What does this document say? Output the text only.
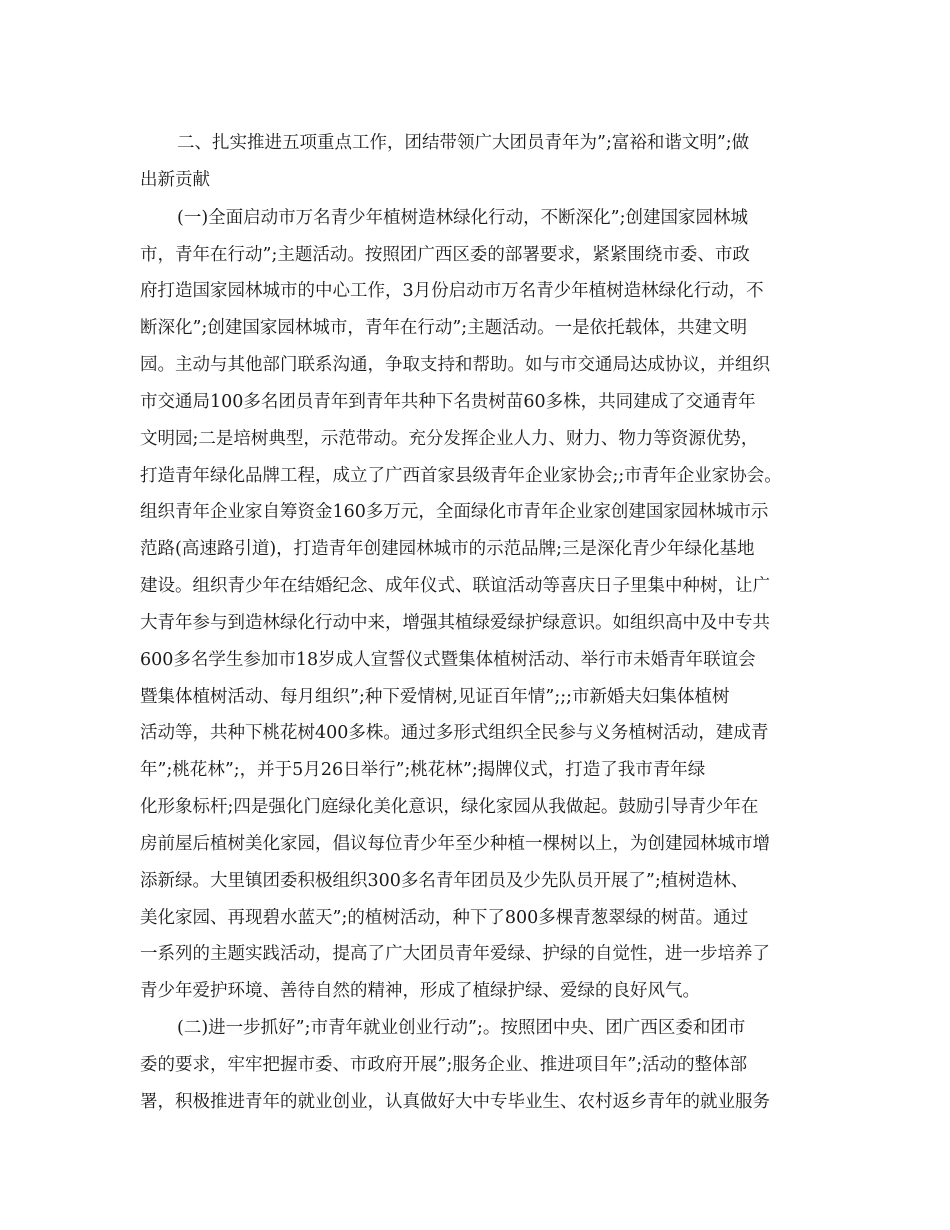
二、扎实推进五项重点工作，团结带领广大团员青年为”;富裕和谐文明”;做
出新贡献
(一)全面启动市万名青少年植树造林绿化行动，不断深化”;创建国家园林城
市，青年在行动”;主题活动。按照团广西区委的部署要求，紧紧围绕市委、市政
府打造国家园林城市的中心工作，3月份启动市万名青少年植树造林绿化行动，不
断深化”;创建国家园林城市，青年在行动”;主题活动。一是依托载体，共建文明
园。主动与其他部门联系沟通，争取支持和帮助。如与市交通局达成协议，并组织
市交通局100多名团员青年到青年共种下名贵树苗60多株，共同建成了交通青年
文明园;二是培树典型，示范带动。充分发挥企业人力、财力、物力等资源优势，
打造青年绿化品牌工程，成立了广西首家县级青年企业家协会;;市青年企业家协会。
组织青年企业家自筹资金160多万元，全面绿化市青年企业家创建国家园林城市示
范路(高速路引道)，打造青年创建园林城市的示范品牌;三是深化青少年绿化基地
建设。组织青少年在结婚纪念、成年仪式、联谊活动等喜庆日子里集中种树，让广
大青年参与到造林绿化行动中来，增强其植绿爱绿护绿意识。如组织高中及中专共
600多名学生参加市18岁成人宣誓仪式暨集体植树活动、举行市未婚青年联谊会
暨集体植树活动、每月组织”;种下爱情树,见证百年情”;;;市新婚夫妇集体植树
活动等，共种下桃花树400多株。通过多形式组织全民参与义务植树活动，建成青
年”;桃花林”;，并于5月26日举行”;桃花林”;揭牌仪式，打造了我市青年绿
化形象标杆;四是强化门庭绿化美化意识，绿化家园从我做起。鼓励引导青少年在
房前屋后植树美化家园，倡议每位青少年至少种植一棵树以上，为创建园林城市增
添新绿。大里镇团委积极组织300多名青年团员及少先队员开展了”;植树造林、
美化家园、再现碧水蓝天”;的植树活动，种下了800多棵青葱翠绿的树苗。通过
一系列的主题实践活动，提高了广大团员青年爱绿、护绿的自觉性，进一步培养了
青少年爱护环境、善待自然的精神，形成了植绿护绿、爱绿的良好风气。
(二)进一步抓好”;市青年就业创业行动”;。按照团中央、团广西区委和团市
委的要求，牢牢把握市委、市政府开展”;服务企业、推进项目年”;活动的整体部
署，积极推进青年的就业创业，认真做好大中专毕业生、农村返乡青年的就业服务
